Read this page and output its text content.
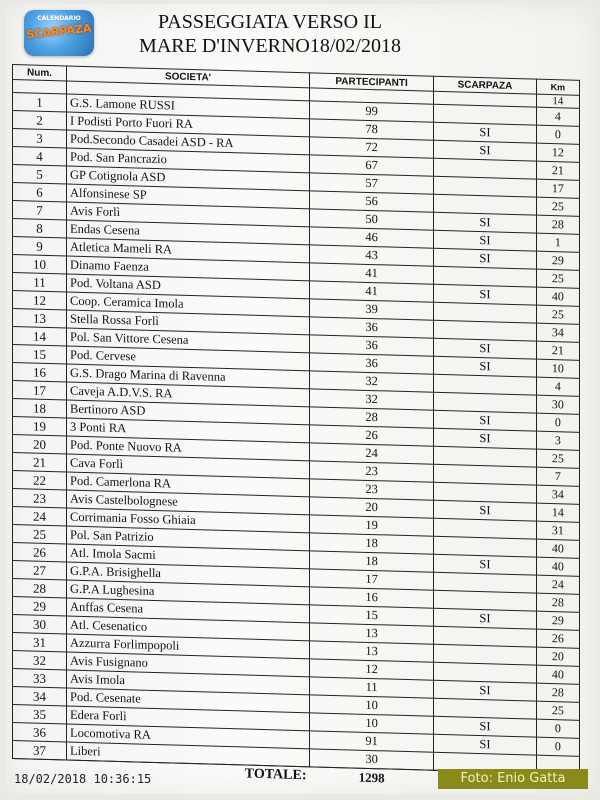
CALENDARIO
SCARPAZA	PASSEGGIATA VERSO IL
MARE D'INVERNO18/02/2018
Num.	SOCIETA'	PARTECIPANTI	SCARPAZA	Km

				14
1	G.S. Lamone RUSSI	99		4
2	I Podisti Porto Fuori RA	78	SI	0
3	Pod.Secondo Casadei ASD - RA	72	SI	12
4	Pod. San Pancrazio	67		21
5	GP Cotignola ASD	57		17
6	Alfonsinese SP	56		25
7	Avis Forlì	50	SI	28
8	Endas Cesena	46	SI	1
9	Atletica Mameli RA	43	SI	29
10	Dinamo Faenza	41		25
11	Pod. Voltana ASD	41	SI	40
12	Coop. Ceramica Imola	39		25
13	Stella Rossa Forlì	36		34
14	Pol. San Vittore Cesena	36	SI	21
15	Pod. Cervese	36	SI	10
16	G.S. Drago Marina di Ravenna	32		4
17	Caveja A.D.V.S. RA	32		30
18	Bertinoro ASD	28	SI	0
19	3 Ponti RA	26	SI	3
20	Pod. Ponte Nuovo RA	24		25
21	Cava Forlì	23		7
22	Pod. Camerlona RA	23		34
23	Avis Castelbolognese	20	SI	14
24	Corrimania Fosso Ghiaia	19		31
25	Pol. San Patrizio	18		40
26	Atl. Imola Sacmi	18	SI	40
27	G.P.A. Brisighella	17		24
28	G.P.A Lughesina	16		28
29	Anffas Cesena	15	SI	29
30	Atl. Cesenatico	13		26
31	Azzurra Forlimpopoli	13		20
32	Avis Fusignano	12		40
33	Avis Imola	11	SI	28
34	Pod. Cesenate	10		25
35	Edera Forlì	10	SI	0
36	Locomotiva RA	91	SI	0
37	Liberi	30		
	TOTALE:	1298		
18/02/2018 10:36:15	Foto: Enio Gatta
